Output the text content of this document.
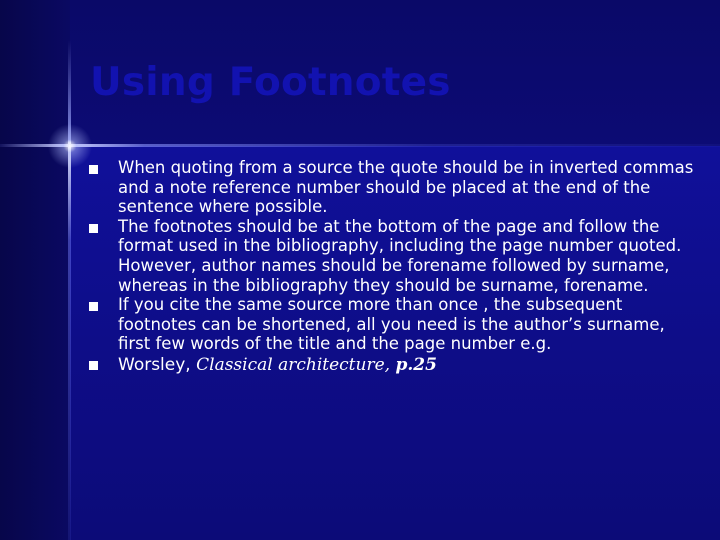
Using Footnotes
When quoting from a source the quote should be in inverted commas and a note reference number should be placed at the end of the sentence where possible.
The footnotes should be at the bottom of the page and follow the format used in the bibliography, including the page number quoted. However, author names should be forename followed by surname, whereas in the bibliography they should be surname, forename.
If you cite the same source more than once , the subsequent footnotes can be shortened, all you need is the author’s surname, first few words of the title and the page number e.g.
Worsley, Classical architecture, p.25
